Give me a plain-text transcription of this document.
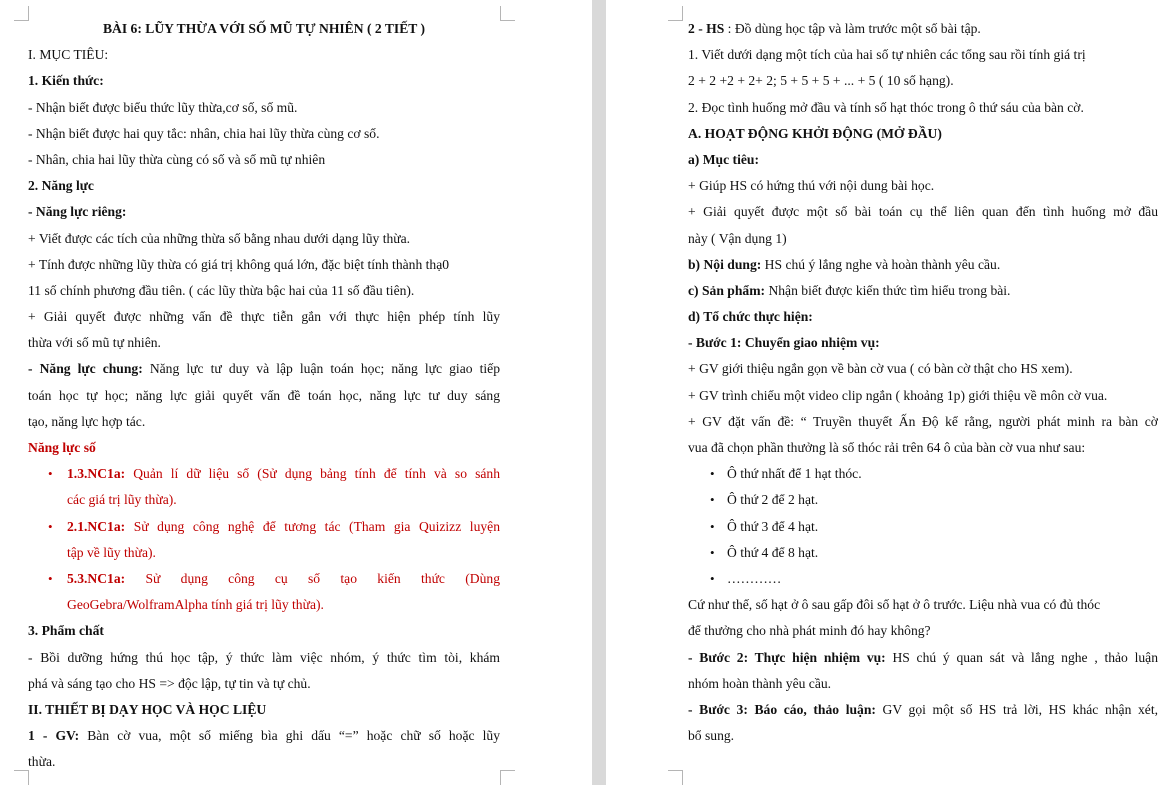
BÀI 6: LŨY THỪA VỚI SỐ MŨ TỰ NHIÊN ( 2 TIẾT )
I. MỤC TIÊU:
1. Kiến thức:
- Nhận biết được biểu thức lũy thừa,cơ số, số mũ.
- Nhận biết được hai quy tắc: nhân, chia hai lũy thừa cùng cơ số.
- Nhân, chia hai lũy thừa cùng có số và số mũ tự nhiên
2. Năng lực
- Năng lực riêng:
+ Viết được các tích của những thừa số bằng nhau dưới dạng lũy thừa.
+ Tính được những lũy thừa có giá trị không quá lớn, đặc biệt tính thành thạ0
11 số chính phương đầu tiên. ( các lũy thừa bậc hai của 11 số đầu tiên).
+ Giải quyết được những vấn đề thực tiễn gắn với thực hiện phép tính lũy
thừa với số mũ tự nhiên.
- Năng lực chung: Năng lực tư duy và lập luận toán học; năng lực giao tiếp
toán học tự học; năng lực giải quyết vấn đề toán học, năng lực tư duy sáng
tạo, năng lực hợp tác.
Năng lực số
• 1.3.NC1a: Quản lí dữ liệu số (Sử dụng bảng tính để tính và so sánh
các giá trị lũy thừa).
• 2.1.NC1a: Sử dụng công nghệ để tương tác (Tham gia Quizizz luyện
tập về lũy thừa).
• 5.3.NC1a: Sử dụng công cụ số tạo kiến thức (Dùng
GeoGebra/WolframAlpha tính giá trị lũy thừa).
3. Phẩm chất
- Bồi dưỡng hứng thú học tập, ý thức làm việc nhóm, ý thức tìm tòi, khám
phá và sáng tạo cho HS => độc lập, tự tin và tự chủ.
II. THIẾT BỊ DẠY HỌC VÀ HỌC LIỆU
1 - GV: Bàn cờ vua, một số miếng bìa ghi dấu “=” hoặc chữ số hoặc lũy
thừa.
2 - HS : Đồ dùng học tập và làm trước một số bài tập.
1. Viết dưới dạng một tích của hai số tự nhiên các tổng sau rồi tính giá trị
2 + 2 +2 + 2+ 2; 5 + 5 + 5 + ... + 5 ( 10 số hạng).
2. Đọc tình huống mở đầu và tính số hạt thóc trong ô thứ sáu của bàn cờ.
A. HOẠT ĐỘNG KHỞI ĐỘNG (MỞ ĐẦU)
a) Mục tiêu:
+ Giúp HS có hứng thú với nội dung bài học.
+ Giải quyết được một số bài toán cụ thể liên quan đến tình huống mở đầu
này ( Vận dụng 1)
b) Nội dung: HS chú ý lắng nghe và hoàn thành yêu cầu.
c) Sản phẩm: Nhận biết được kiến thức tìm hiểu trong bài.
d) Tổ chức thực hiện:
- Bước 1: Chuyển giao nhiệm vụ:
+ GV giới thiệu ngắn gọn về bàn cờ vua ( có bàn cờ thật cho HS xem).
+ GV trình chiếu một video clip ngắn ( khoảng 1p) giới thiệu về môn cờ vua.
+ GV đặt vấn đề: “ Truyền thuyết Ấn Độ kể rằng, người phát minh ra bàn cờ
vua đã chọn phần thưởng là số thóc rải trên 64 ô của bàn cờ vua như sau:
• Ô thứ nhất để 1 hạt thóc.
• Ô thứ 2 để 2 hạt.
• Ô thứ 3 để 4 hạt.
• Ô thứ 4 để 8 hạt.
• …………
Cứ như thế, số hạt ở ô sau gấp đôi số hạt ở ô trước. Liệu nhà vua có đủ thóc
để thưởng cho nhà phát minh đó hay không?
- Bước 2: Thực hiện nhiệm vụ: HS chú ý quan sát và lắng nghe , thảo luận
nhóm hoàn thành yêu cầu.
- Bước 3: Báo cáo, thảo luận: GV gọi một số HS trả lời, HS khác nhận xét,
bổ sung.
